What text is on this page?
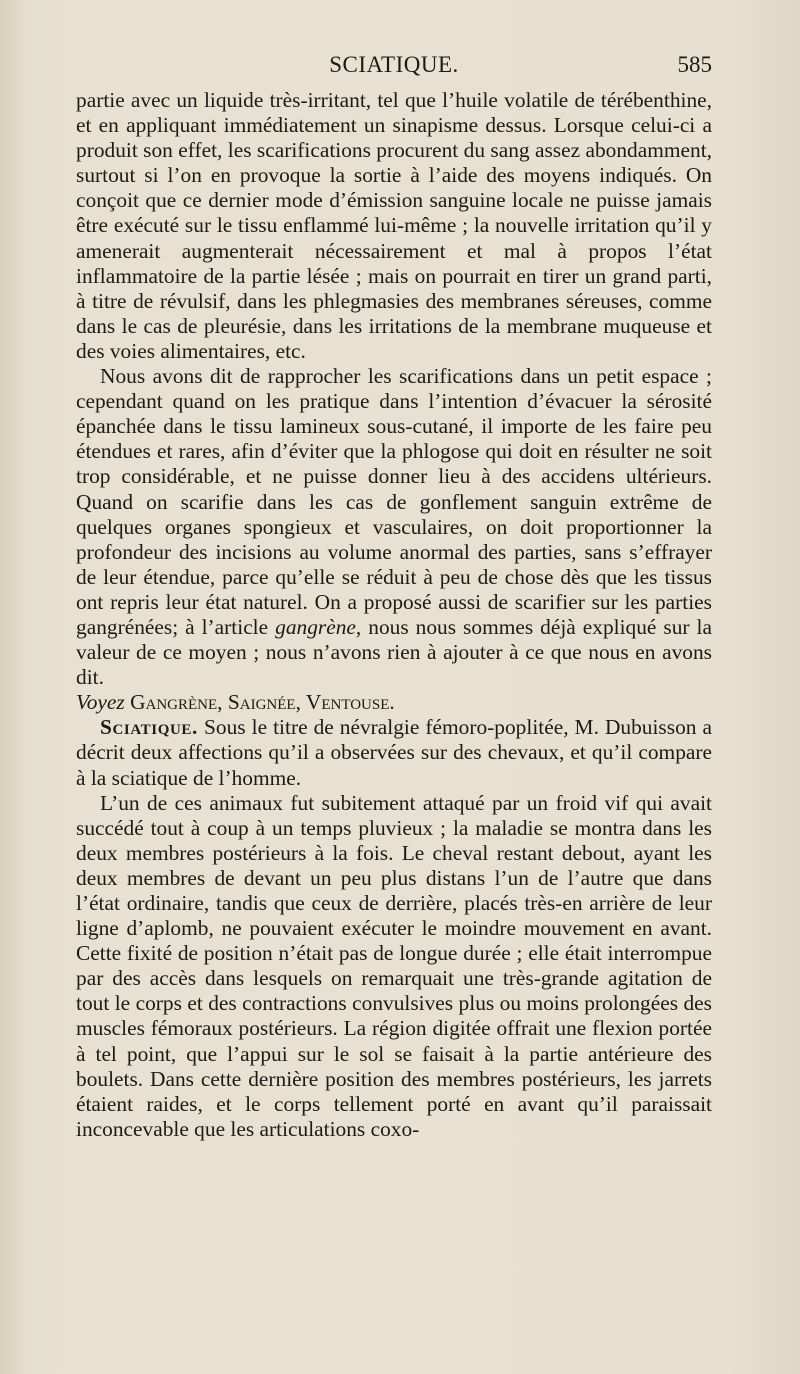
SCIATIQUE.	585

partie avec un liquide très-irritant, tel que l’huile volatile de térébenthine, et en appliquant immédiatement un sinapisme dessus. Lorsque celui-ci a produit son effet, les scarifications procurent du sang assez abondamment, surtout si l’on en provoque la sortie à l’aide des moyens indiqués. On conçoit que ce dernier mode d’émission sanguine locale ne puisse jamais être exécuté sur le tissu enflammé lui-même ; la nouvelle irritation qu’il y amenerait augmenterait nécessairement et mal à propos l’état inflammatoire de la partie lésée ; mais on pourrait en tirer un grand parti, à titre de révulsif, dans les phlegmasies des membranes séreuses, comme dans le cas de pleurésie, dans les irritations de la membrane muqueuse et des voies alimentaires, etc.

Nous avons dit de rapprocher les scarifications dans un petit espace ; cependant quand on les pratique dans l’intention d’évacuer la sérosité épanchée dans le tissu lamineux sous-cutané, il importe de les faire peu étendues et rares, afin d’éviter que la phlogose qui doit en résulter ne soit trop considérable, et ne puisse donner lieu à des accidens ultérieurs. Quand on scarifie dans les cas de gonflement sanguin extrême de quelques organes spongieux et vasculaires, on doit proportionner la profondeur des incisions au volume anormal des parties, sans s’effrayer de leur étendue, parce qu’elle se réduit à peu de chose dès que les tissus ont repris leur état naturel. On a proposé aussi de scarifier sur les parties gangrénées; à l’article gangrène, nous nous sommes déjà expliqué sur la valeur de ce moyen ; nous n’avons rien à ajouter à ce que nous en avons dit.

Voyez Gangrène, Saignée, Ventouse.

Sciatique. Sous le titre de névralgie fémoro-poplitée, M. Dubuisson a décrit deux affections qu’il a observées sur des chevaux, et qu’il compare à la sciatique de l’homme.

L’un de ces animaux fut subitement attaqué par un froid vif qui avait succédé tout à coup à un temps pluvieux ; la maladie se montra dans les deux membres postérieurs à la fois. Le cheval restant debout, ayant les deux membres de devant un peu plus distans l’un de l’autre que dans l’état ordinaire, tandis que ceux de derrière, placés très-en arrière de leur ligne d’aplomb, ne pouvaient exécuter le moindre mouvement en avant. Cette fixité de position n’était pas de longue durée ; elle était interrompue par des accès dans lesquels on remarquait une très-grande agitation de tout le corps et des contractions convulsives plus ou moins prolongées des muscles fémoraux postérieurs. La région digitée offrait une flexion portée à tel point, que l’appui sur le sol se faisait à la partie antérieure des boulets. Dans cette dernière position des membres postérieurs, les jarrets étaient raides, et le corps tellement porté en avant qu’il paraissait inconcevable que les articulations coxo-
